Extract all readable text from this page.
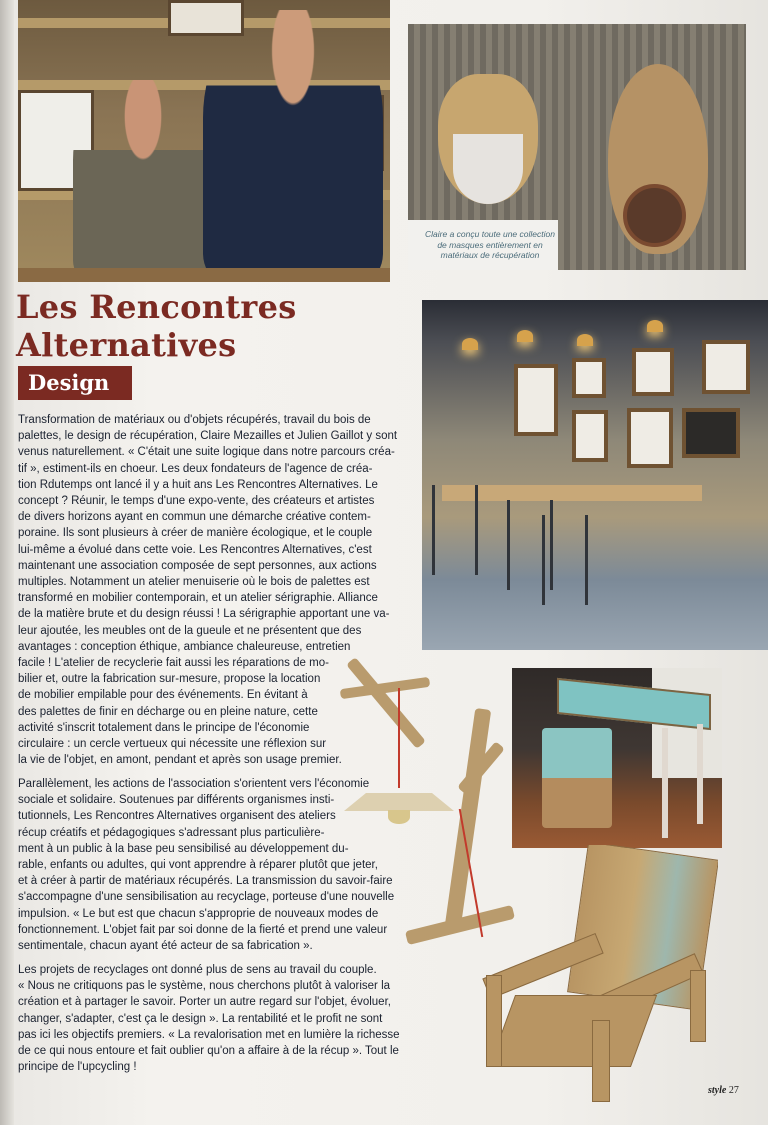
Claire a conçu toute une collection de masques entièrement en matériaux de récupération
Les Rencontres
Alternatives
Design
Transformation de matériaux ou d'objets récupérés, travail du bois de
palettes, le design de récupération, Claire Mezailles et Julien Gaillot y sont
venus naturellement. « C'était une suite logique dans notre parcours créa-
tif », estiment-ils en choeur. Les deux fondateurs de l'agence de créa-
tion Rdutemps ont lancé il y a huit ans Les Rencontres Alternatives. Le
concept ? Réunir, le temps d'une expo-vente, des créateurs et artistes
de divers horizons ayant en commun une démarche créative contem-
poraine. Ils sont plusieurs à créer de manière écologique, et le couple
lui-même a évolué dans cette voie. Les Rencontres Alternatives, c'est
maintenant une association composée de sept personnes, aux actions
multiples. Notamment un atelier menuiserie où le bois de palettes est
transformé en mobilier contemporain, et un atelier sérigraphie. Alliance
de la matière brute et du design réussi ! La sérigraphie apportant une va-
leur ajoutée, les meubles ont de la gueule et ne présentent que des
avantages : conception éthique, ambiance chaleureuse, entretien
facile ! L'atelier de recyclerie fait aussi les réparations de mo-
bilier et, outre la fabrication sur-mesure, propose la location
de mobilier empilable pour des événements. En évitant à
des palettes de finir en décharge ou en pleine nature, cette
activité s'inscrit totalement dans le principe de l'économie
circulaire : un cercle vertueux qui nécessite une réflexion sur
la vie de l'objet, en amont, pendant et après son usage premier.
Parallèlement, les actions de l'association s'orientent vers l'économie
sociale et solidaire. Soutenues par différents organismes insti-
tutionnels, Les Rencontres Alternatives organisent des ateliers
récup créatifs et pédagogiques s'adressant plus particulière-
ment à un public à la base peu sensibilisé au développement du-
rable, enfants ou adultes, qui vont apprendre à réparer plutôt que jeter,
et à créer à partir de matériaux récupérés. La transmission du savoir-faire
s'accompagne d'une sensibilisation au recyclage, porteuse d'une nouvelle
impulsion. « Le but est que chacun s'approprie de nouveaux modes de
fonctionnement. L'objet fait par soi donne de la fierté et prend une valeur
sentimentale, chacun ayant été acteur de sa fabrication ».
Les projets de recyclages ont donné plus de sens au travail du couple.
« Nous ne critiquons pas le système, nous cherchons plutôt à valoriser la
création et à partager le savoir. Porter un autre regard sur l'objet, évoluer,
changer, s'adapter, c'est ça le design ». La rentabilité et le profit ne sont
pas ici les objectifs premiers. « La revalorisation met en lumière la richesse
de ce qui nous entoure et fait oublier qu'on a affaire à de la récup ». Tout le
principe de l'upcycling !
style 27
